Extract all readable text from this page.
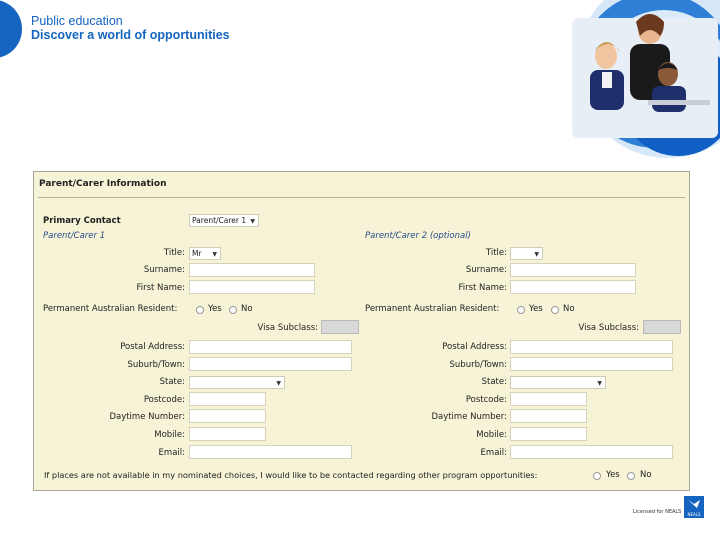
Public education
Discover a world of opportunities
Parent/Carer Information
Primary Contact	Parent/Carer 1 ▼
Parent/Carer 1	Parent/Carer 2 (optional)
Title: Mr ▼
Surname:
First Name:
Permanent Australian Resident:	Yes No
Visa Subclass:
Postal Address:
Suburb/Town:
State:	▼
Postcode:
Daytime Number:
Mobile:
Email:
Title:	▼
Surname:
First Name:
Permanent Australian Resident:	Yes No
Visa Subclass:
Postal Address:
Suburb/Town:
State:	▼
Postcode:
Daytime Number:
Mobile:
Email:
If places are not available in my nominated choices, I would like to be contacted regarding other program opportunities:	Yes No
Licensed for NEALS NEALS
